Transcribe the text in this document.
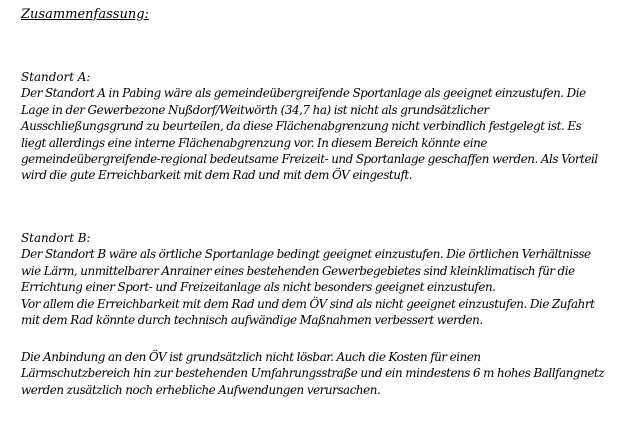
Zusammenfassung:
Standort A:
Der Standort A in Pabing wäre als gemeindeübergreifende Sportanlage als geeignet einzustufen. Die
Lage in der Gewerbezone Nußdorf/Weitwörth (34,7 ha) ist nicht als grundsätzlicher
Ausschließungsgrund zu beurteilen, da diese Flächenabgrenzung nicht verbindlich festgelegt ist. Es
liegt allerdings eine interne Flächenabgrenzung vor. In diesem Bereich könnte eine
gemeindeübergreifende-regional bedeutsame Freizeit- und Sportanlage geschaffen werden. Als Vorteil
wird die gute Erreichbarkeit mit dem Rad und mit dem ÖV eingestuft.
Standort B:
Der Standort B wäre als örtliche Sportanlage bedingt geeignet einzustufen. Die örtlichen Verhältnisse
wie Lärm, unmittelbarer Anrainer eines bestehenden Gewerbegebietes sind kleinklimatisch für die
Errichtung einer Sport- und Freizeitanlage als nicht besonders geeignet einzustufen.
Vor allem die Erreichbarkeit mit dem Rad und dem ÖV sind als nicht geeignet einzustufen. Die Zufahrt
mit dem Rad könnte durch technisch aufwändige Maßnahmen verbessert werden.
Die Anbindung an den ÖV ist grundsätzlich nicht lösbar. Auch die Kosten für einen
Lärmschutzbereich hin zur bestehenden Umfahrungsstraße und ein mindestens 6 m hohes Ballfangnetz
werden zusätzlich noch erhebliche Aufwendungen verursachen.
